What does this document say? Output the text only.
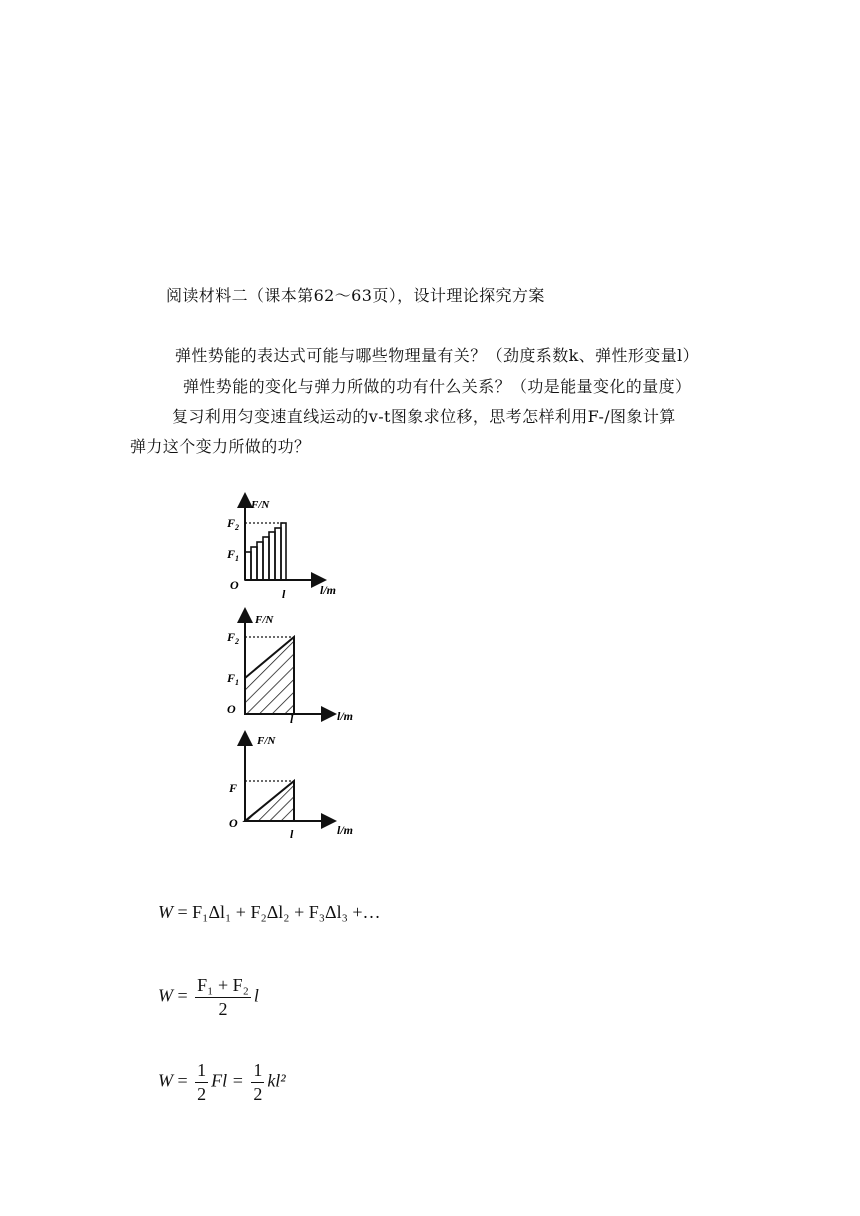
阅读材料二（课本第62～63页），设计理论探究方案
弹性势能的表达式可能与哪些物理量有关？（劲度系数k、弹性形变量l）
弹性势能的变化与弹力所做的功有什么关系？（功是能量变化的量度）
复习利用匀变速直线运动的v-t图象求位移，思考怎样利用F-/图象计算
弹力这个变力所做的功？
F/N
$F_2$
$F_1$
O
l	l/m
F/N
$F_2$
$F_1$
O
l	l/m
F/N
F
O
l	l/m
W = F₁Δl₁ + F₂Δl₂ + F₃Δl₃ +…
$W = \frac{\text{F₁ + F₂}}{2}$ l
$W = \frac{1}{2}$ $Fl = \frac{1}{2} kl^2$
